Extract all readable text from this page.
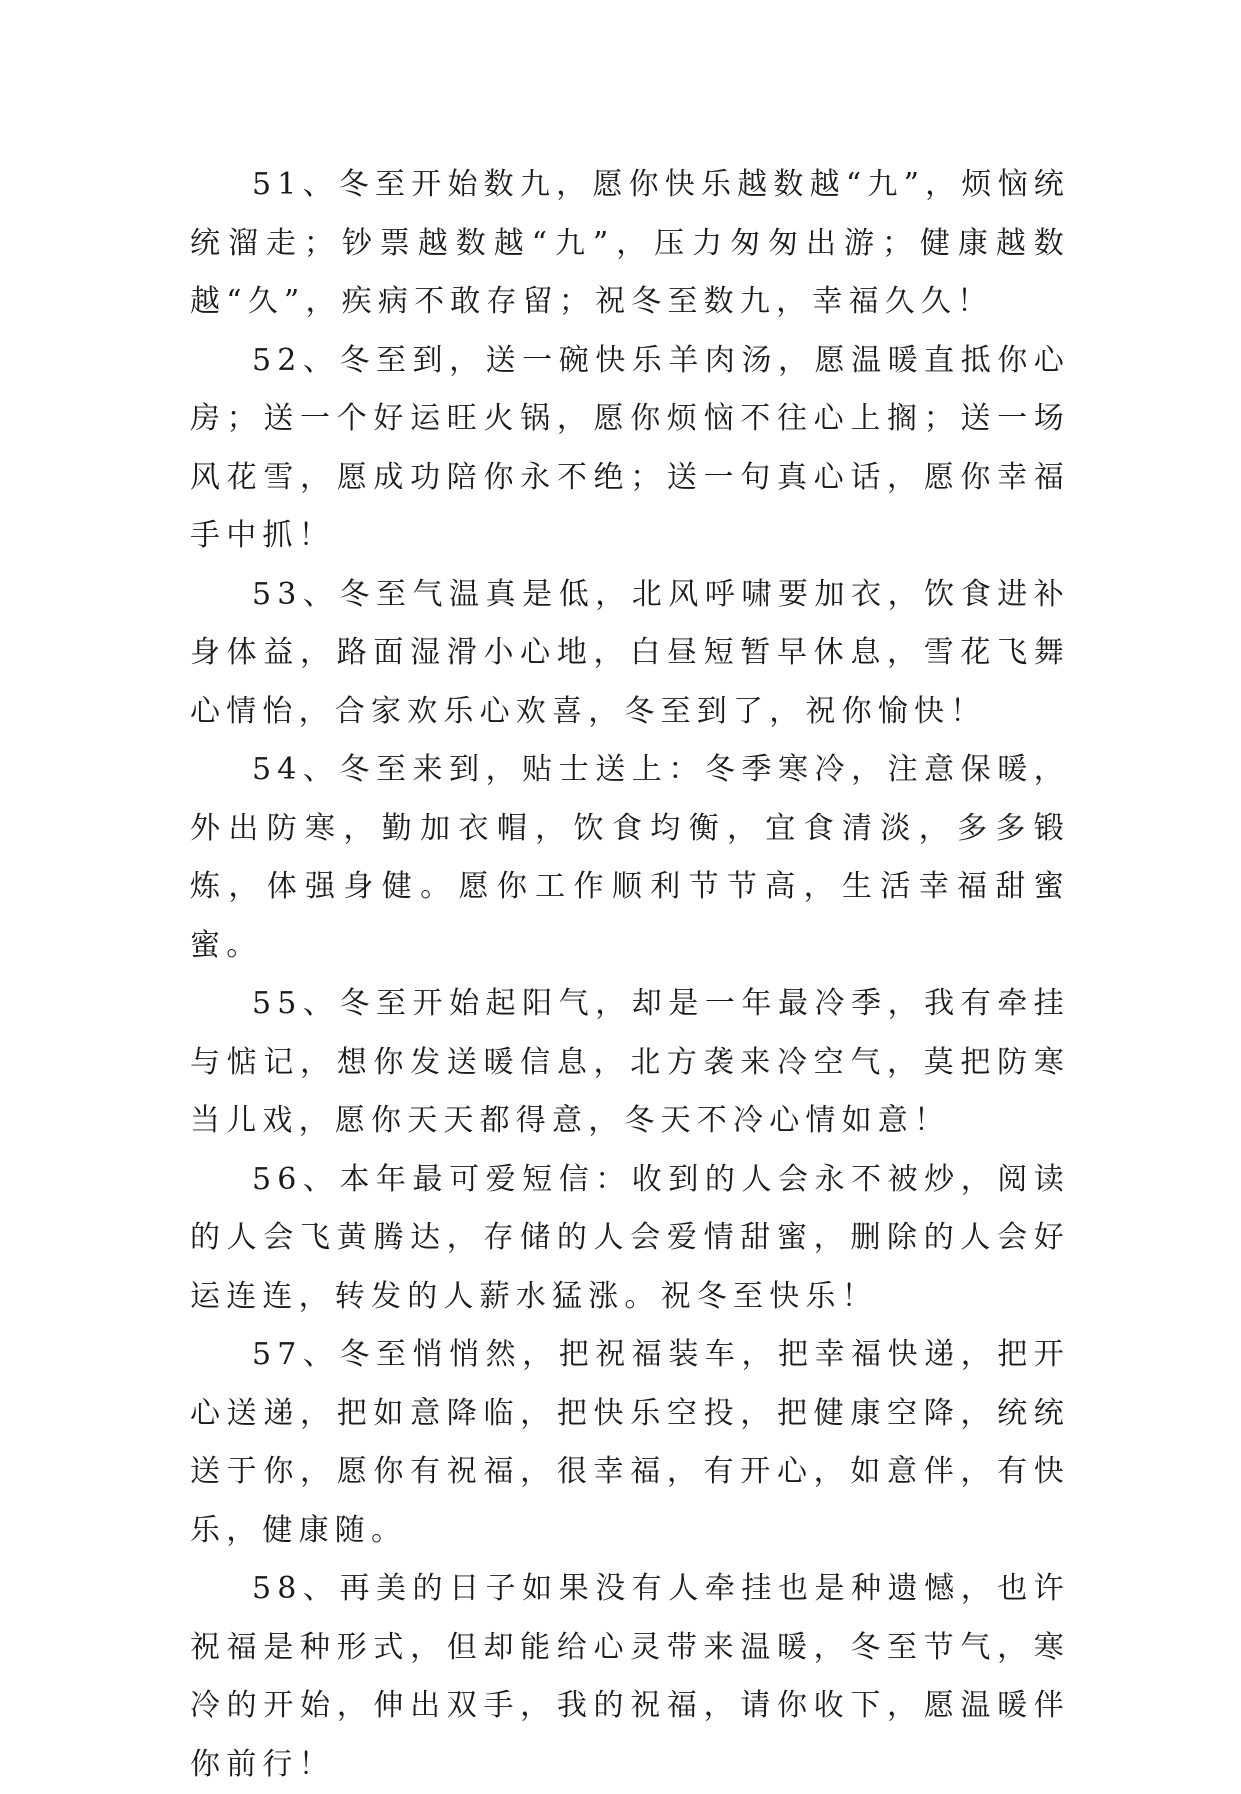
51、冬至开始数九，愿你快乐越数越“九”，烦恼统统溜走；钞票越数越“九”，压力匆匆出游；健康越数越“久”，疾病不敢存留；祝冬至数九，幸福久久！

52、冬至到，送一碗快乐羊肉汤，愿温暖直抵你心房；送一个好运旺火锅，愿你烦恼不往心上搁；送一场风花雪，愿成功陪你永不绝；送一句真心话，愿你幸福手中抓！

53、冬至气温真是低，北风呼啸要加衣，饮食进补身体益，路面湿滑小心地，白昼短暂早休息，雪花飞舞心情怡，合家欢乐心欢喜，冬至到了，祝你愉快！

54、冬至来到，贴士送上：冬季寒冷，注意保暖，外出防寒，勤加衣帽，饮食均衡，宜食清淡，多多锻炼，体强身健。愿你工作顺利节节高，生活幸福甜蜜蜜。

55、冬至开始起阳气，却是一年最冷季，我有牵挂与惦记，想你发送暖信息，北方袭来冷空气，莫把防寒当儿戏，愿你天天都得意，冬天不冷心情如意！

56、本年最可爱短信：收到的人会永不被炒，阅读的人会飞黄腾达，存储的人会爱情甜蜜，删除的人会好运连连，转发的人薪水猛涨。祝冬至快乐！

57、冬至悄悄然，把祝福装车，把幸福快递，把开心送递，把如意降临，把快乐空投，把健康空降，统统送于你，愿你有祝福，很幸福，有开心，如意伴，有快乐，健康随。

58、再美的日子如果没有人牵挂也是种遗憾，也许祝福是种形式，但却能给心灵带来温暖，冬至节气，寒冷的开始，伸出双手，我的祝福，请你收下，愿温暖伴你前行！
